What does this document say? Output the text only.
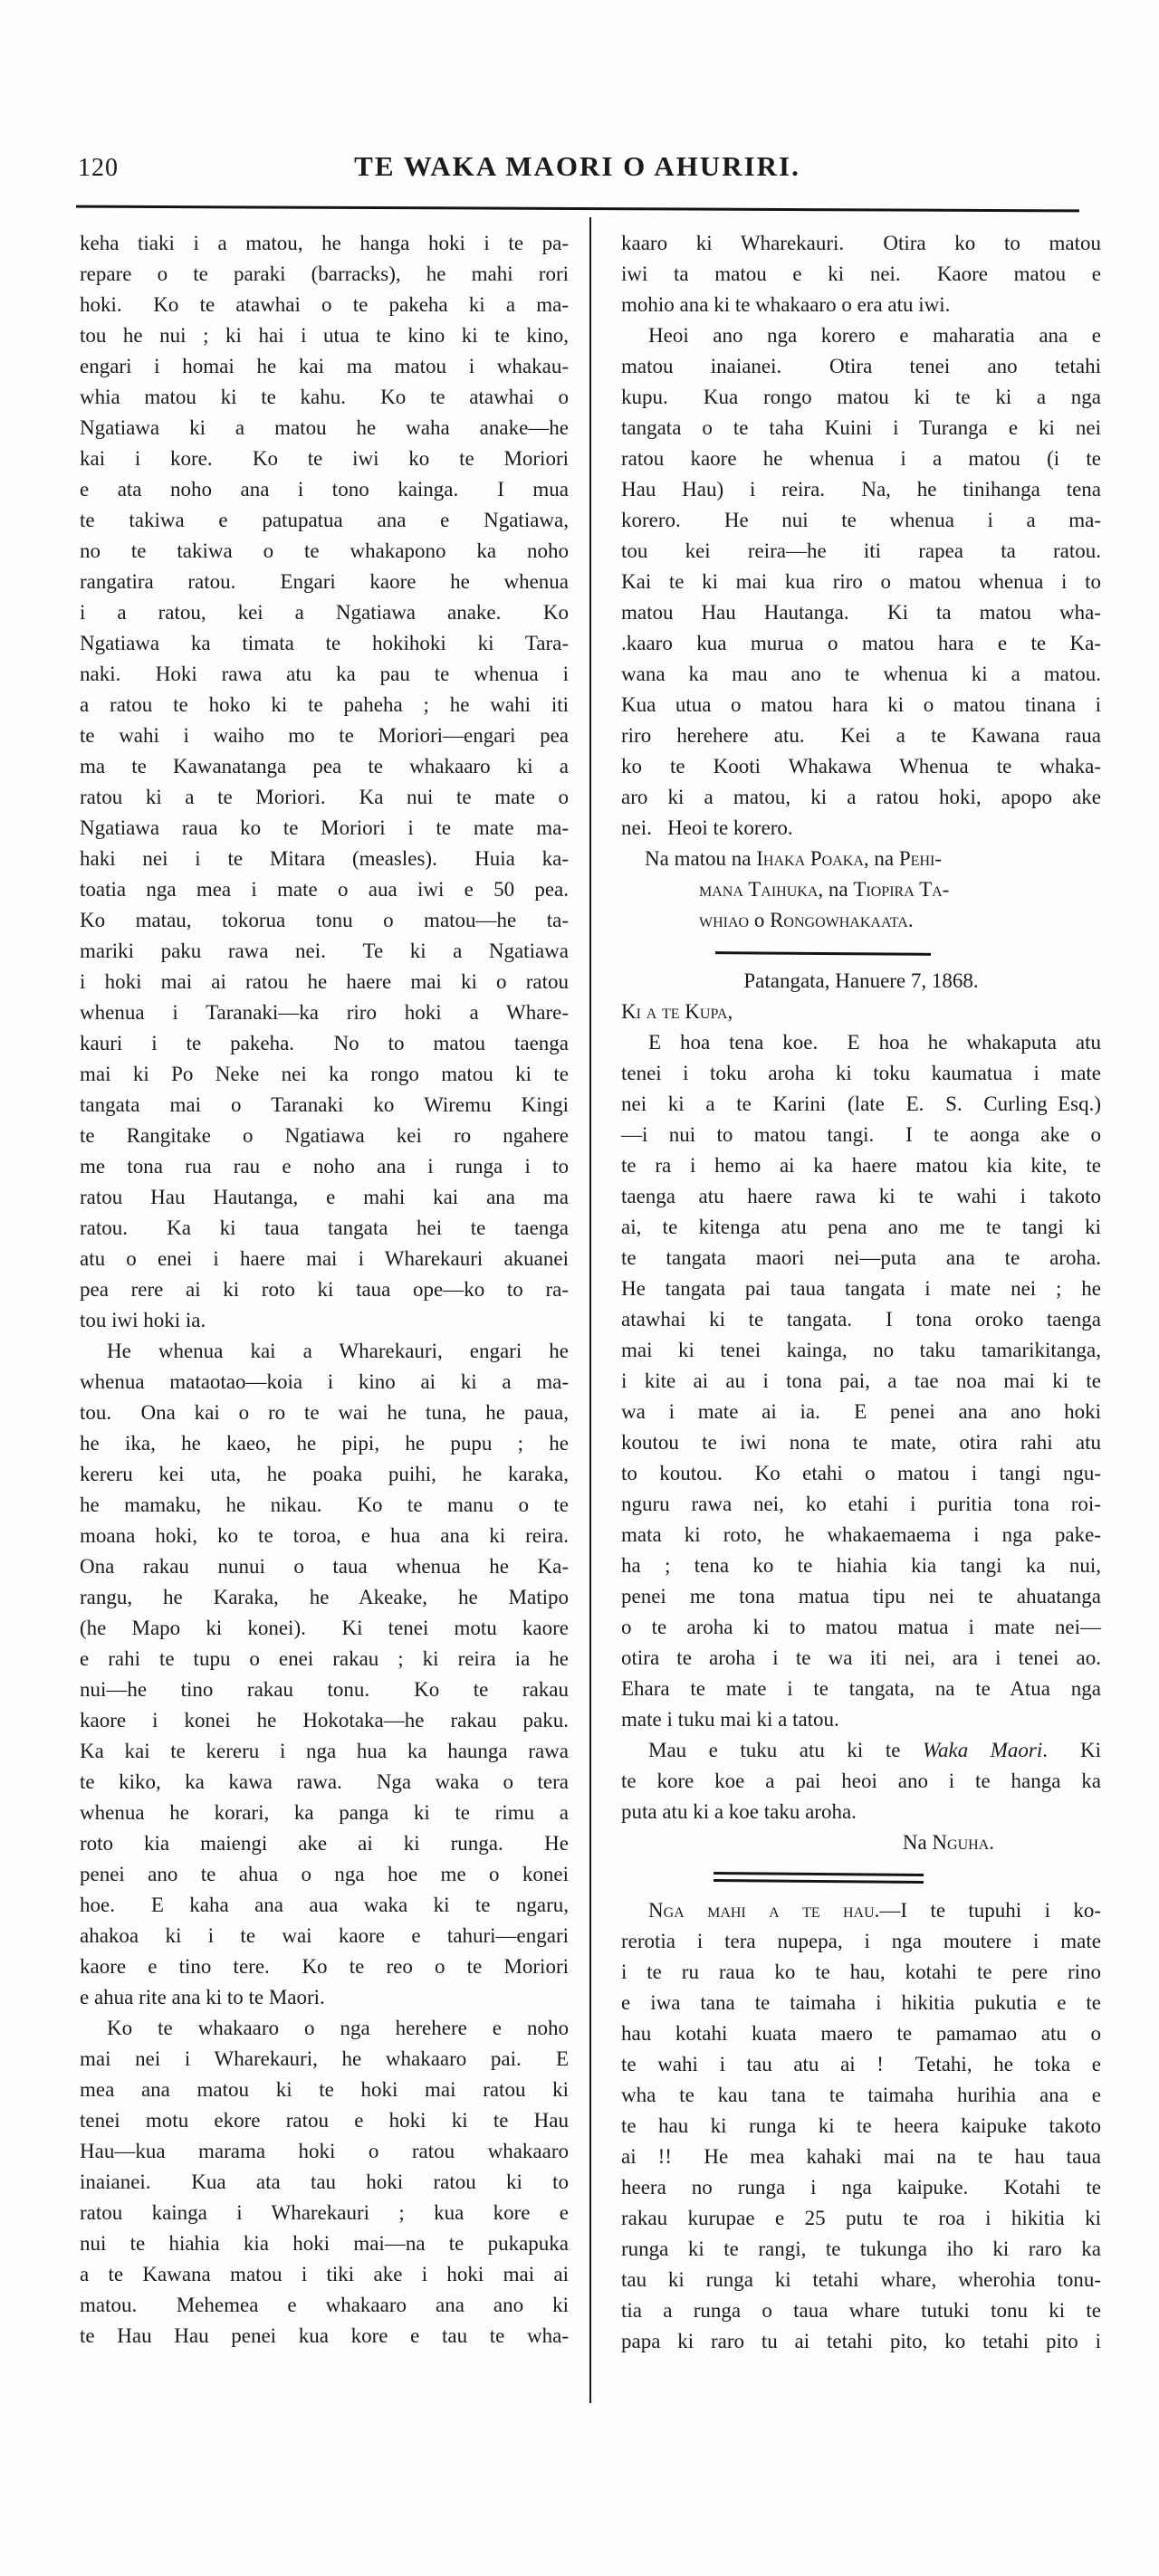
120	TE WAKA MAORI O AHURIRI.
keha tiaki i a matou, he hanga hoki i te pa-
repare o te paraki (barracks), he mahi rori
hoki.  Ko te atawhai o te pakeha ki a ma-
tou he nui ; ki hai i utua te kino ki te kino,
engari i homai he kai ma matou i whakau-
whia matou ki te kahu.  Ko te atawhai o
Ngatiawa ki a matou he waha anake—he
kai i kore.  Ko te iwi ko te Moriori
e ata noho ana i tono kainga.  I mua
te takiwa e patupatua ana e Ngatiawa,
no te takiwa o te whakapono ka noho
rangatira ratou.  Engari kaore he whenua
i a ratou, kei a Ngatiawa anake.  Ko
Ngatiawa ka timata te hokihoki ki Tara-
naki.  Hoki rawa atu ka pau te whenua i
a ratou te hoko ki te paheha ; he wahi iti
te wahi i waiho mo te Moriori—engari pea
ma te Kawanatanga pea te whakaaro ki a
ratou ki a te Moriori.  Ka nui te mate o
Ngatiawa raua ko te Moriori i te mate ma-
haki nei i te Mitara (measles).  Huia ka-
toatia nga mea i mate o aua iwi e 50 pea.
Ko matau, tokorua tonu o matou—he ta-
mariki paku rawa nei.  Te ki a Ngatiawa
i hoki mai ai ratou he haere mai ki o ratou
whenua i Taranaki—ka riro hoki a Whare-
kauri i te pakeha.  No to matou taenga
mai ki Po Neke nei ka rongo matou ki te
tangata mai o Taranaki ko Wiremu Kingi
te Rangitake o Ngatiawa kei ro ngahere
me tona rua rau e noho ana i runga i to
ratou Hau Hautanga, e mahi kai ana ma
ratou.  Ka ki taua tangata hei te taenga
atu o enei i haere mai i Wharekauri akuanei
pea rere ai ki roto ki taua ope—ko to ra-
tou iwi hoki ia.
He whenua kai a Wharekauri, engari he
whenua mataotao—koia i kino ai ki a ma-
tou.  Ona kai o ro te wai he tuna, he paua,
he ika, he kaeo, he pipi, he pupu ; he
kereru kei uta, he poaka puihi, he karaka,
he mamaku, he nikau.  Ko te manu o te
moana hoki, ko te toroa, e hua ana ki reira.
Ona rakau nunui o taua whenua he Ka-
rangu, he Karaka, he Akeake, he Matipo
(he Mapo ki konei).  Ki tenei motu kaore
e rahi te tupu o enei rakau ; ki reira ia he
nui—he tino rakau tonu.  Ko te rakau
kaore i konei he Hokotaka—he rakau paku.
Ka kai te kereru i nga hua ka haunga rawa
te kiko, ka kawa rawa.  Nga waka o tera
whenua he korari, ka panga ki te rimu a
roto kia maiengi ake ai ki runga.  He
penei ano te ahua o nga hoe me o konei
hoe.  E kaha ana aua waka ki te ngaru,
ahakoa ki i te wai kaore e tahuri—engari
kaore e tino tere.  Ko te reo o te Moriori
e ahua rite ana ki to te Maori.
Ko te whakaaro o nga herehere e noho
mai nei i Wharekauri, he whakaaro pai.  E
mea ana matou ki te hoki mai ratou ki
tenei motu ekore ratou e hoki ki te Hau
Hau—kua marama hoki o ratou whakaaro
inaianei.  Kua ata tau hoki ratou ki to
ratou kainga i Wharekauri ; kua kore e
nui te hiahia kia hoki mai—na te pukapuka
a te Kawana matou i tiki ake i hoki mai ai
matou.  Mehemea e whakaaro ana ano ki
te Hau Hau penei kua kore e tau te wha-
kaaro ki Wharekauri.  Otira ko to matou
iwi ta matou e ki nei.  Kaore matou e
mohio ana ki te whakaaro o era atu iwi.
Heoi ano nga korero e maharatia ana e
matou inaianei.  Otira tenei ano tetahi
kupu.  Kua rongo matou ki te ki a nga
tangata o te taha Kuini i Turanga e ki nei
ratou kaore he whenua i a matou (i te
Hau Hau) i reira.  Na, he tinihanga tena
korero.  He nui te whenua i a ma-
tou kei reira—he iti rapea ta ratou.
Kai te ki mai kua riro o matou whenua i to
matou Hau Hautanga.  Ki ta matou wha-
.kaaro kua murua o matou hara e te Ka-
wana ka mau ano te whenua ki a matou.
Kua utua o matou hara ki o matou tinana i
riro herehere atu.  Kei a te Kawana raua
ko te Kooti Whakawa Whenua te whaka-
aro ki a matou, ki a ratou hoki, apopo ake
nei.  Heoi te korero.
Na matou na Ihaka Poaka, na Pehi-
mana Taihuka, na Tiopira Ta-
whiao o Rongowhakaata.
Patangata, Hanuere 7, 1868.
Ki a te Kupa,
E hoa tena koe.  E hoa he whakaputa atu
tenei i toku aroha ki toku kaumatua i mate
nei ki a te Karini (late E. S. Curling Esq.)
—i nui to matou tangi.  I te aonga ake o
te ra i hemo ai ka haere matou kia kite, te
taenga atu haere rawa ki te wahi i takoto
ai, te kitenga atu pena ano me te tangi ki
te tangata maori nei—puta ana te aroha.
He tangata pai taua tangata i mate nei ; he
atawhai ki te tangata.  I tona oroko taenga
mai ki tenei kainga, no taku tamarikitanga,
i kite ai au i tona pai, a tae noa mai ki te
wa i mate ai ia.  E penei ana ano hoki
koutou te iwi nona te mate, otira rahi atu
to koutou.  Ko etahi o matou i tangi ngu-
nguru rawa nei, ko etahi i puritia tona roi-
mata ki roto, he whakaemaema i nga pake-
ha ; tena ko te hiahia kia tangi ka nui,
penei me tona matua tipu nei te ahuatanga
o te aroha ki to matou matua i mate nei—
otira te aroha i te wa iti nei, ara i tenei ao.
Ehara te mate i te tangata, na te Atua nga
mate i tuku mai ki a tatou.
Mau e tuku atu ki te Waka Maori.  Ki
te kore koe a pai heoi ano i te hanga ka
puta atu ki a koe taku aroha.
Na Nguha.
Nga mahi a te hau.—I te tupuhi i ko-
rerotia i tera nupepa, i nga moutere i mate
i te ru raua ko te hau, kotahi te pere rino
e iwa tana te taimaha i hikitia pukutia e te
hau kotahi kuata maero te pamamao atu o
te wahi i tau atu ai !  Tetahi, he toka e
wha te kau tana te taimaha hurihia ana e
te hau ki runga ki te heera kaipuke takoto
ai !!  He mea kahaki mai na te hau taua
heera no runga i nga kaipuke.  Kotahi te
rakau kurupae e 25 putu te roa i hikitia ki
runga ki te rangi, te tukunga iho ki raro ka
tau ki runga ki tetahi whare, wherohia tonu-
tia a runga o taua whare tutuki tonu ki te
papa ki raro tu ai tetahi pito, ko tetahi pito i
